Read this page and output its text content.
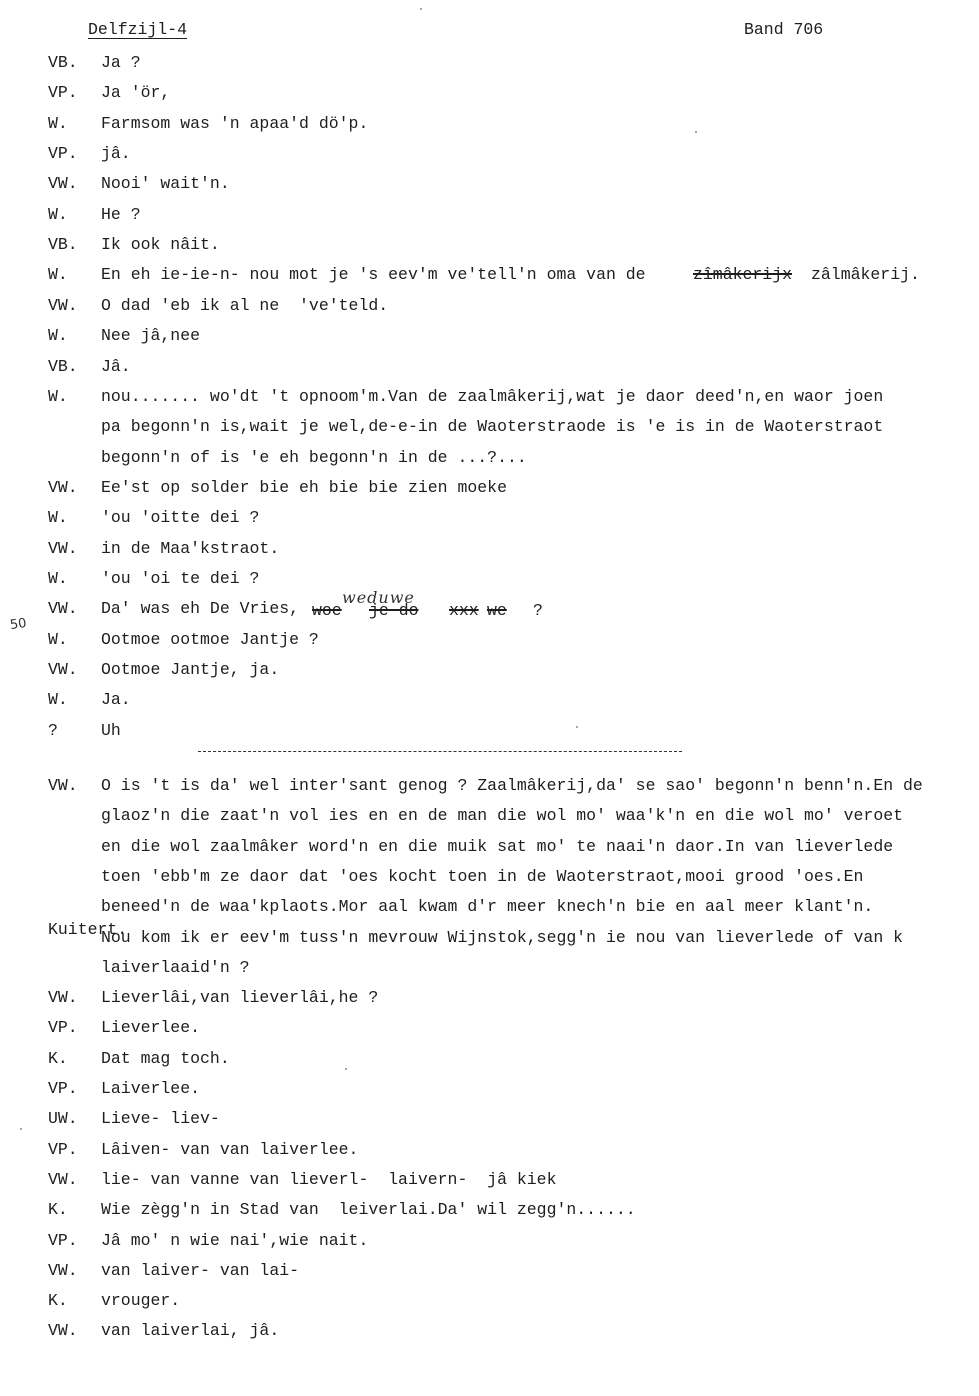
Delfzijl-4	Band 706
VB. Ja ?
VP. Ja 'ör,
W. Farmsom was 'n apaa'd dö'p.
VP. jâ.
VW. Nooi' wait'n.
W. He ?
VB. Ik ook nâit.
W. En eh ie-ie-n- nou mot je 's eev'm ve'tell'n oma van de
VW. O dad 'eb ik al ne  've'teld.
W. Nee jâ,nee
VB. Jâ.
W. nou....... wo'dt 't opnoom'm.Van de zaalmâkerij,wat je daor deed'n,en waor joen
pa begonn'n is,wait je wel,de-e-in de Waoterstraode is 'e is in de Waoterstraot
begonn'n of is 'e eh begonn'n in de ...?...
VW. Ee'st op solder bie eh bie bie zien moeke
W. 'ou 'oitte dei ?
VW. in de Maa'kstraot.
W. 'ou 'oi te dei ?
VW. Da' was eh De Vries,
W. Ootmoe ootmoe Jantje ?
VW. Ootmoe Jantje, ja.
W. Ja.
?	Uh
zîmâkerijx zâlmâkerij.
woe je do xxx we ?
weduwe
50
VW. O is 't is da' wel inter'sant genog ? Zaalmâkerij,da' se sao' begonn'n benn'n.En de
glaoz'n die zaat'n vol ies en en de man die wol mo' waa'k'n en die wol mo' veroet
en die wol zaalmâker word'n en die muik sat mo' te naai'n daor.In van lieverlede
toen 'ebb'm ze daor dat 'oes kocht toen in de Waoterstraot,mooi grood 'oes.En
beneed'n de waa'kplaots.Mor aal kwam d'r meer knech'n bie en aal meer klant'n.
Kuitert.
Nou kom ik er eev'm tuss'n mevrouw Wijnstok,segg'n ie nou van lieverlede of van k
laiverlaaid'n ?
VW. Lieverlâi,van lieverlâi,he ?
VP. Lieverlee.
K. Dat mag toch.
VP. Laiverlee.
UW. Lieve- liev-
VP. Lâiven- van van laiverlee.
VW. lie- van vanne van lieverl-  laivern-  jâ kiek
K. Wie zègg'n in Stad van  leiverlai.Da' wil zegg'n......
VP. Jâ mo' n wie nai',wie nait.
VW. van laiver- van lai-
K. vrouger.
VW. van laiverlai, jâ.
